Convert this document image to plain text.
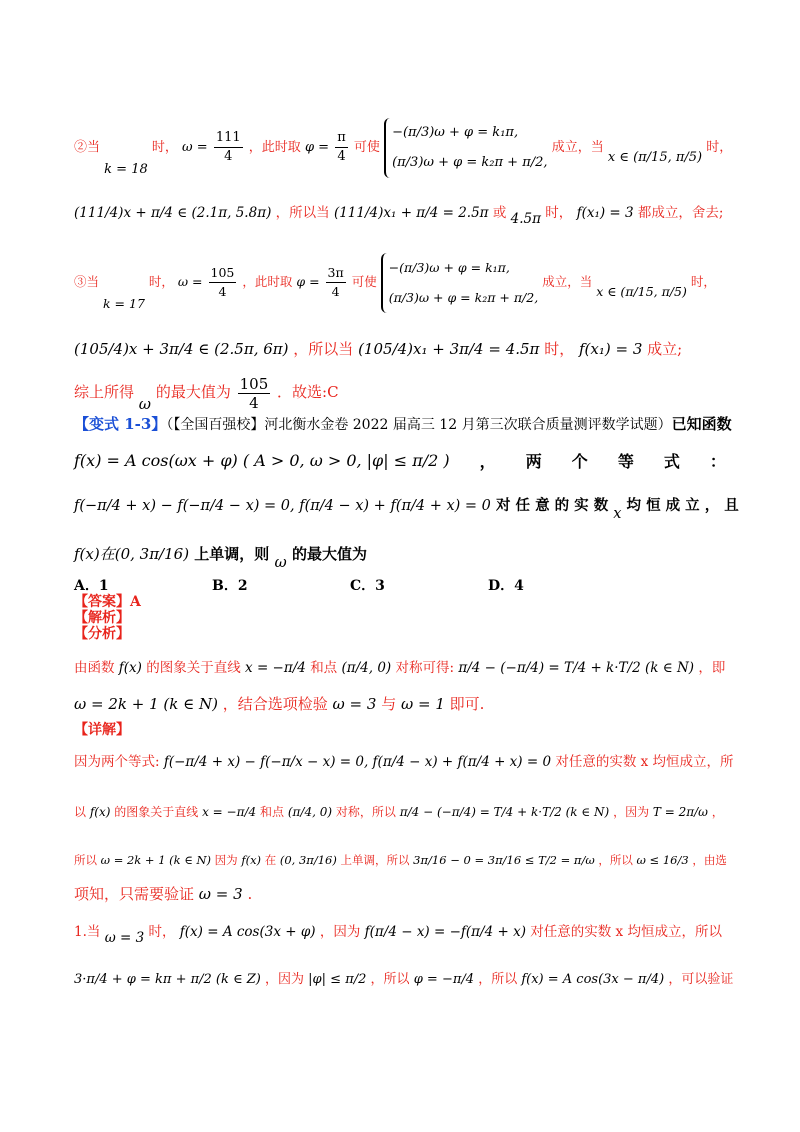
②当 k = 18 时， $\omega = \frac{111}{4}$ ，此时取 $\varphi = \frac{\pi}{4}$ 可使
−(π/3)ω + φ = k₁π,
(π/3)ω + φ = k₂π + π/2,
成立，当 x ∈ (π/15, π/5) 时，
(111/4)x + π/4 ∈ (2.1π, 5.8π) ，所以当 (111/4)x₁ + π/4 = 2.5π 或 4.5π 时， f(x₁) = 3 都成立，舍去;
③当 k = 17 时， $\omega = \frac{105}{4}$ ，此时取 $\varphi = \frac{3\pi}{4}$ 可使
−(π/3)ω + φ = k₁π,
(π/3)ω + φ = k₂π + π/2,
成立，当 x ∈ (π/15, π/5) 时，
(105/4)x + 3π/4 ∈ (2.5π, 6π) ，所以当 (105/4)x₁ + 3π/4 = 4.5π 时， f(x₁) = 3 成立;
综上所得 ω 的最大值为 $\frac{105}{4}$ ．故选:C
【变式 1-3】（【全国百强校】河北衡水金卷 2022 届高三 12 月第三次联合质量测评数学试题）已知函数
f(x) = A cos(ωx + φ) ( A > 0, ω > 0, |φ| ≤ π/2 ) ， 两 个 等 式 ：
f(−π/4 + x) − f(−π/4 − x) = 0, f(π/4 − x) + f(π/4 + x) = 0 对 任 意 的 实 数 x 均 恒 成 立 ， 且
f(x)在(0, 3π/16) 上单调，则 ω 的最大值为
A．1	B．2	C．3	D．4
【答案】A
【解析】
【分析】
由函数 f(x) 的图象关于直线 x = −π/4 和点 (π/4, 0) 对称可得: π/4 − (−π/4) = T/4 + k·T/2 (k ∈ N) ，即
ω = 2k + 1 (k ∈ N) ，结合选项检验 ω = 3 与 ω = 1 即可.
【详解】
因为两个等式: f(−π/4 + x) − f(−π/x − x) = 0, f(π/4 − x) + f(π/4 + x) = 0 对任意的实数 x 均恒成立，所
以 f(x) 的图象关于直线 x = −π/4 和点 (π/4, 0) 对称，所以 π/4 − (−π/4) = T/4 + k·T/2 (k ∈ N) ，因为 T = 2π/ω ，
所以 ω = 2k + 1 (k ∈ N) 因为 f(x) 在 (0, 3π/16) 上单调，所以 3π/16 − 0 = 3π/16 ≤ T/2 = π/ω ，所以 ω ≤ 16/3 ，由选
项知，只需要验证 ω = 3 .
1.当 ω = 3 时， f(x) = A cos(3x + φ) ，因为 f(π/4 − x) = −f(π/4 + x) 对任意的实数 x 均恒成立，所以
3·π/4 + φ = kπ + π/2 (k ∈ Z) ，因为 |φ| ≤ π/2 ，所以 φ = −π/4 ，所以 f(x) = A cos(3x − π/4) ，可以验证
